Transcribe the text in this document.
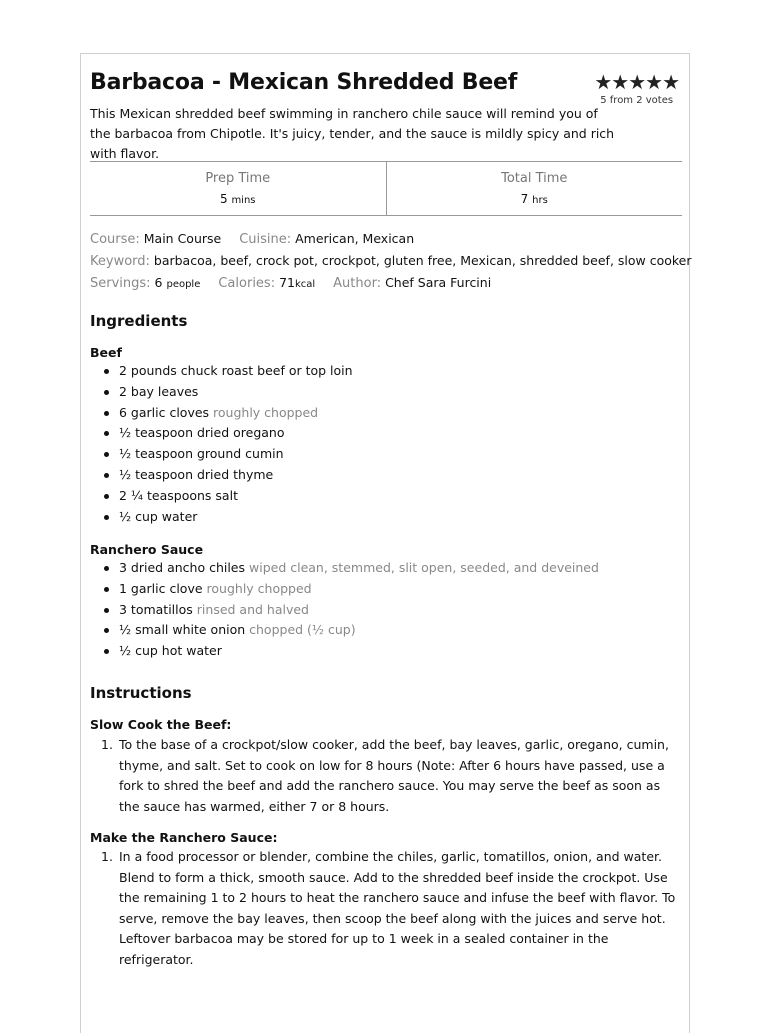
Barbacoa - Mexican Shredded Beef	★★★★★
5 from 2 votes

This Mexican shredded beef swimming in ranchero chile sauce will remind you of the barbacoa from Chipotle. It's juicy, tender, and the sauce is mildly spicy and rich with flavor.

Prep Time
5 mins
Total Time
7 hrs
Course: Main Course Cuisine: American, Mexican
Keyword: barbacoa, beef, crock pot, crockpot, gluten free, Mexican, shredded beef, slow cooker
Servings: 6 people Calories: 71kcal Author: Chef Sara Furcini
Ingredients
Beef
2 pounds chuck roast beef or top loin
2 bay leaves
6 garlic cloves roughly chopped
½ teaspoon dried oregano
½ teaspoon ground cumin
½ teaspoon dried thyme
2 ¼ teaspoons salt
½ cup water
Ranchero Sauce
3 dried ancho chiles wiped clean, stemmed, slit open, seeded, and deveined
1 garlic clove roughly chopped
3 tomatillos rinsed and halved
½ small white onion chopped (½ cup)
½ cup hot water
Instructions
Slow Cook the Beef:
1. To the base of a crockpot/slow cooker, add the beef, bay leaves, garlic, oregano, cumin, thyme, and salt. Set to cook on low for 8 hours (Note: After 6 hours have passed, use a fork to shred the beef and add the ranchero sauce. You may serve the beef as soon as the sauce has warmed, either 7 or 8 hours.
Make the Ranchero Sauce:
1. In a food processor or blender, combine the chiles, garlic, tomatillos, onion, and water. Blend to form a thick, smooth sauce. Add to the shredded beef inside the crockpot. Use the remaining 1 to 2 hours to heat the ranchero sauce and infuse the beef with flavor. To serve, remove the bay leaves, then scoop the beef along with the juices and serve hot. Leftover barbacoa may be stored for up to 1 week in a sealed container in the refrigerator.
